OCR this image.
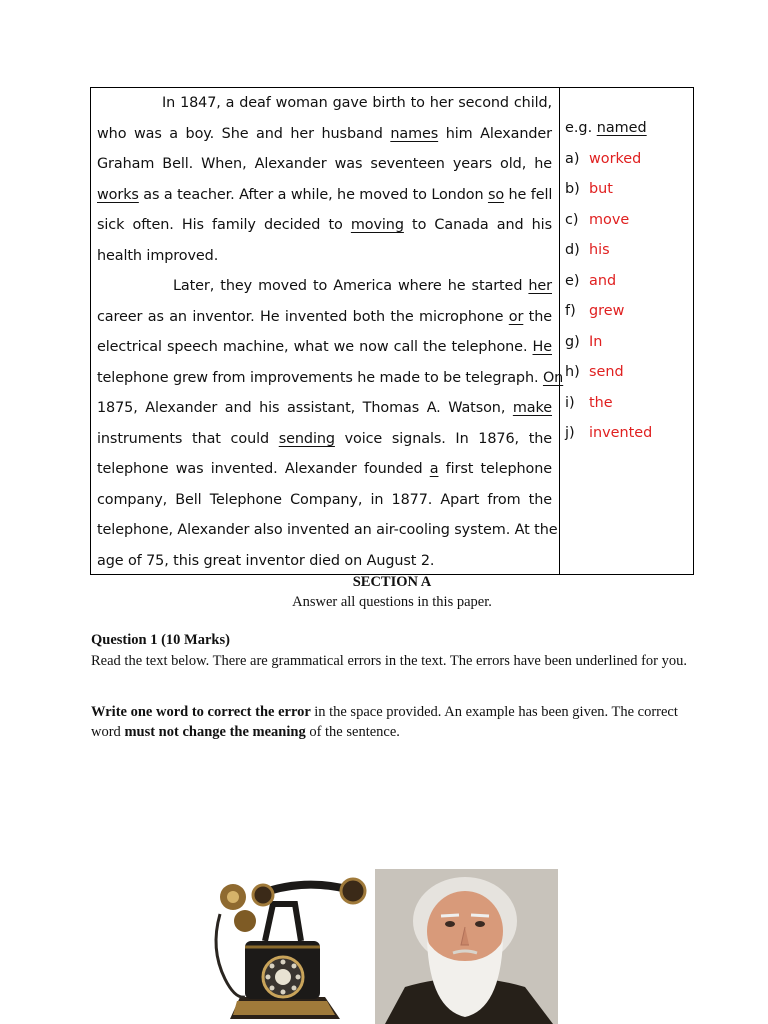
In 1847, a deaf woman gave birth to her second child,
who was a boy. She and her husband names him Alexander
Graham Bell. When, Alexander was seventeen years old, he
works as a teacher. After a while, he moved to London so he fell
sick often. His family decided to moving to Canada and his
health improved.
Later, they moved to America where he started her
career as an inventor. He invented both the microphone or the
electrical speech machine, what we now call the telephone. He
telephone grew from improvements he made to be telegraph. On
1875, Alexander and his assistant, Thomas A. Watson, make
instruments that could sending voice signals. In 1876, the
telephone was invented. Alexander founded a first telephone
company, Bell Telephone Company, in 1877. Apart from the
telephone, Alexander also invented an air-cooling system. At the
age of 75, this great inventor died on August 2.
e.g. named
a) worked
b) but
c) move
d) his
e) and
f) grew
g) In
h) send
i) the
j) invented
SECTION A
Answer all questions in this paper.
Question 1 (10 Marks)
Read the text below. There are grammatical errors in the text. The errors have been underlined for you.
Write one word to correct the error in the space provided. An example has been given. The correct word must not change the meaning of the sentence.
